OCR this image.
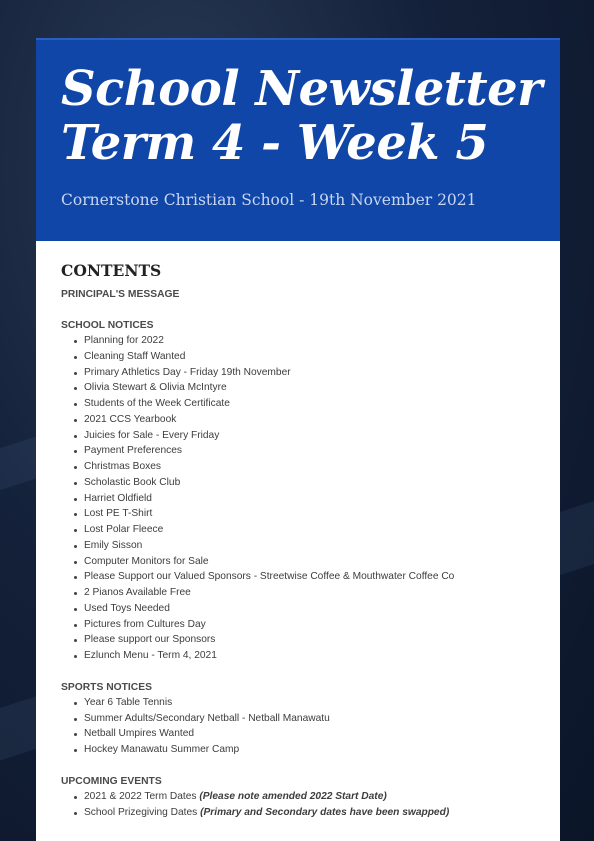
School Newsletter
Term 4 - Week 5

Cornerstone Christian School - 19th November 2021

CONTENTS

PRINCIPAL'S MESSAGE

SCHOOL NOTICES

Planning for 2022
Cleaning Staff Wanted
Primary Athletics Day - Friday 19th November
Olivia Stewart & Olivia McIntyre
Students of the Week Certificate
2021 CCS Yearbook
Juicies for Sale - Every Friday
Payment Preferences
Christmas Boxes
Scholastic Book Club
Harriet Oldfield
Lost PE T-Shirt
Lost Polar Fleece
Emily Sisson
Computer Monitors for Sale
Please Support our Valued Sponsors - Streetwise Coffee & Mouthwater Coffee Co
2 Pianos Available Free
Used Toys Needed
Pictures from Cultures Day
Please support our Sponsors
Ezlunch Menu - Term 4, 2021

SPORTS NOTICES

Year 6 Table Tennis
Summer Adults/Secondary Netball - Netball Manawatu
Netball Umpires Wanted
Hockey Manawatu Summer Camp

UPCOMING EVENTS

2021 & 2022 Term Dates (Please note amended 2022 Start Date)
School Prizegiving Dates (Primary and Secondary dates have been swapped)
